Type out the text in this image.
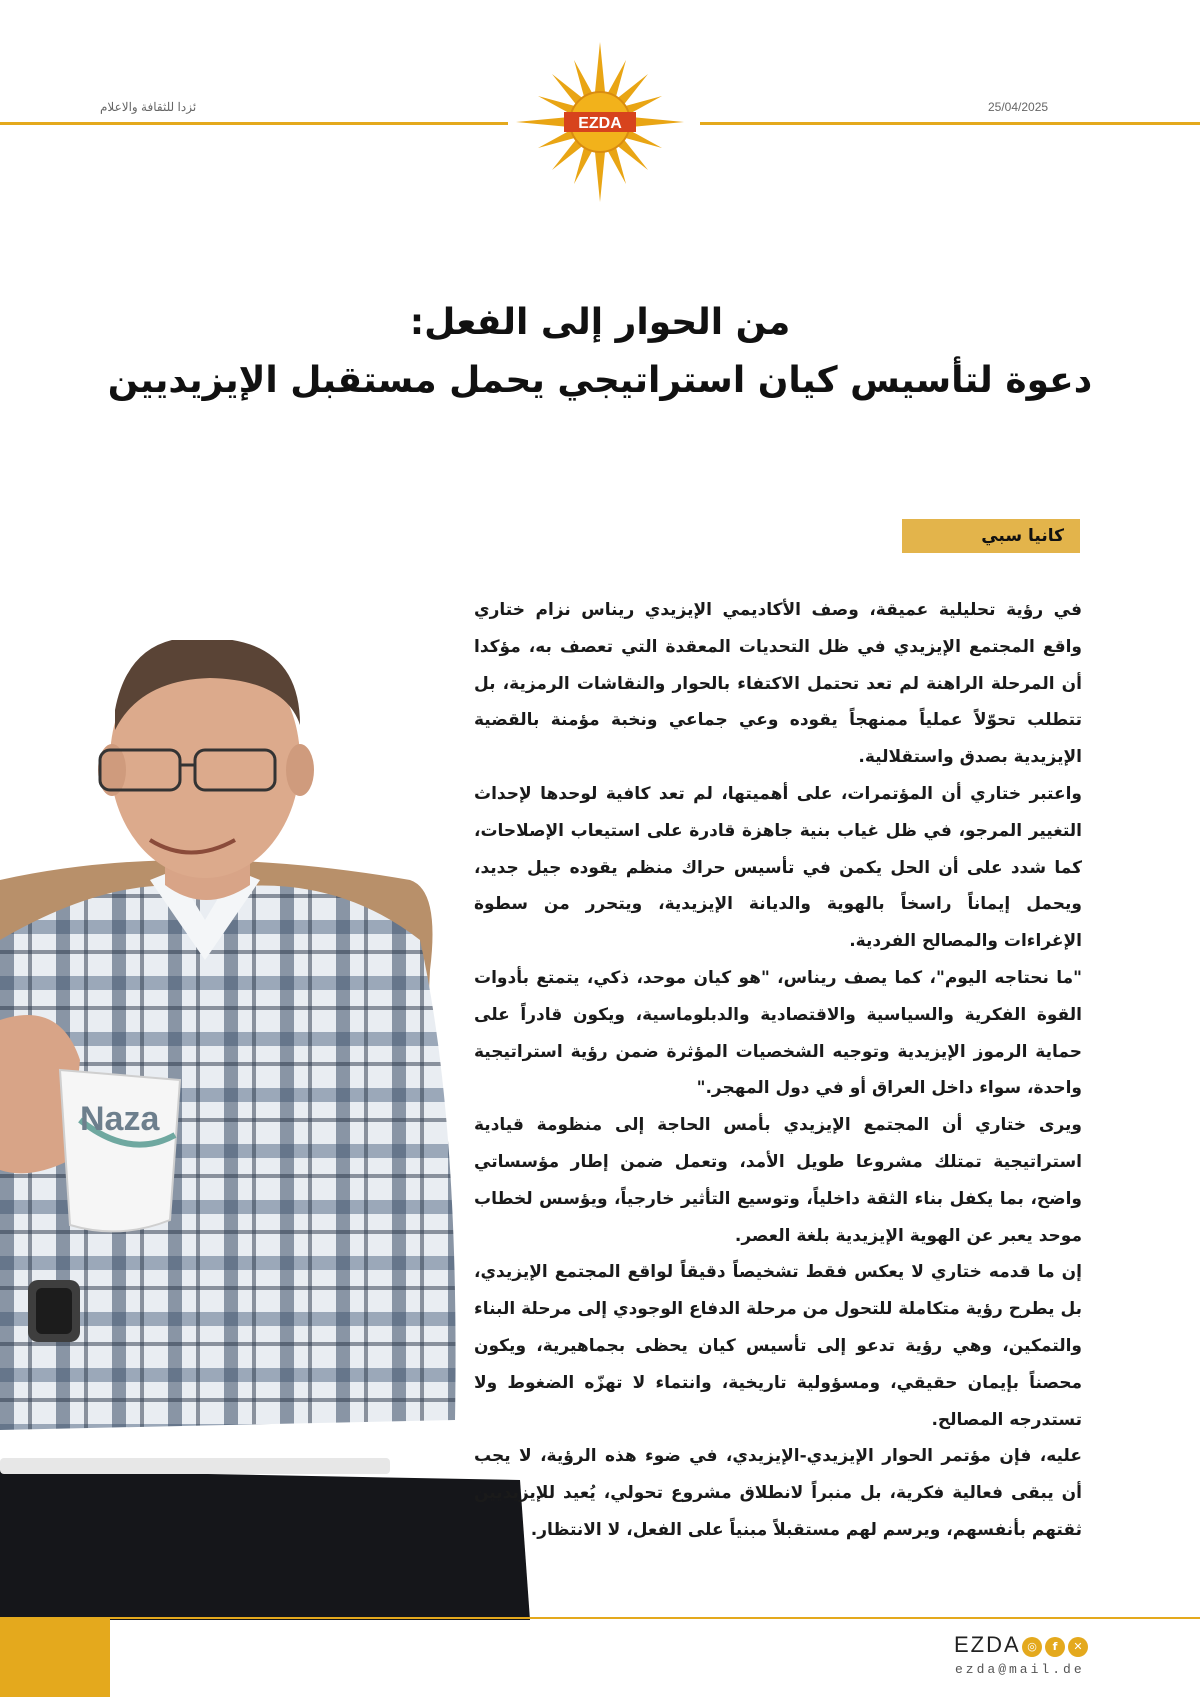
ئزدا للثقافة والاعلام	25/04/2025
EZDA
من الحوار إلى الفعل:
دعوة لتأسيس كيان استراتيجي يحمل مستقبل الإيزيديين
كانيا سبي
Naza

في رؤية تحليلية عميقة، وصف الأكاديمي الإيزيدي ريناس نزام ختاري واقع المجتمع الإيزيدي في ظل التحديات المعقدة التي تعصف به، مؤكدا أن المرحلة الراهنة لم تعد تحتمل الاكتفاء بالحوار والنقاشات الرمزية، بل تتطلب تحوّلاً عملياً ممنهجاً يقوده وعي جماعي ونخبة مؤمنة بالقضية الإيزيدية بصدق واستقلالية.

واعتبر ختاري أن المؤتمرات، على أهميتها، لم تعد كافية لوحدها لإحداث التغيير المرجو، في ظل غياب بنية جاهزة قادرة على استيعاب الإصلاحات، كما شدد على أن الحل يكمن في تأسيس حراك منظم يقوده جيل جديد، ويحمل إيماناً راسخاً بالهوية والديانة الإيزيدية، ويتحرر من سطوة الإغراءات والمصالح الفردية.

"ما نحتاجه اليوم"، كما يصف ريناس، "هو كيان موحد، ذكي، يتمتع بأدوات القوة الفكرية والسياسية والاقتصادية والدبلوماسية، ويكون قادراً على حماية الرموز الإيزيدية وتوجيه الشخصيات المؤثرة ضمن رؤية استراتيجية واحدة، سواء داخل العراق أو في دول المهجر."

ويرى ختاري أن المجتمع الإيزيدي بأمس الحاجة إلى منظومة قيادية استراتيجية تمتلك مشروعا طويل الأمد، وتعمل ضمن إطار مؤسساتي واضح، بما يكفل بناء الثقة داخلياً، وتوسيع التأثير خارجياً، ويؤسس لخطاب موحد يعبر عن الهوية الإيزيدية بلغة العصر.

إن ما قدمه ختاري لا يعكس فقط تشخيصاً دقيقاً لواقع المجتمع الإيزيدي، بل يطرح رؤية متكاملة للتحول من مرحلة الدفاع الوجودي إلى مرحلة البناء والتمكين، وهي رؤية تدعو إلى تأسيس كيان يحظى بجماهيرية، ويكون محصناً بإيمان حقيقي، ومسؤولية تاريخية، وانتماء لا تهزّه الضغوط ولا تستدرجه المصالح.

عليه، فإن مؤتمر الحوار الإيزيدي-الإيزيدي، في ضوء هذه الرؤية، لا يجب أن يبقى فعالية فكرية، بل منبراً لانطلاق مشروع تحولي، يُعيد للإيزيديين ثقتهم بأنفسهم، ويرسم لهم مستقبلاً مبنياً على الفعل، لا الانتظار.

EZDA ◎	f	✕
ezda@mail.de
